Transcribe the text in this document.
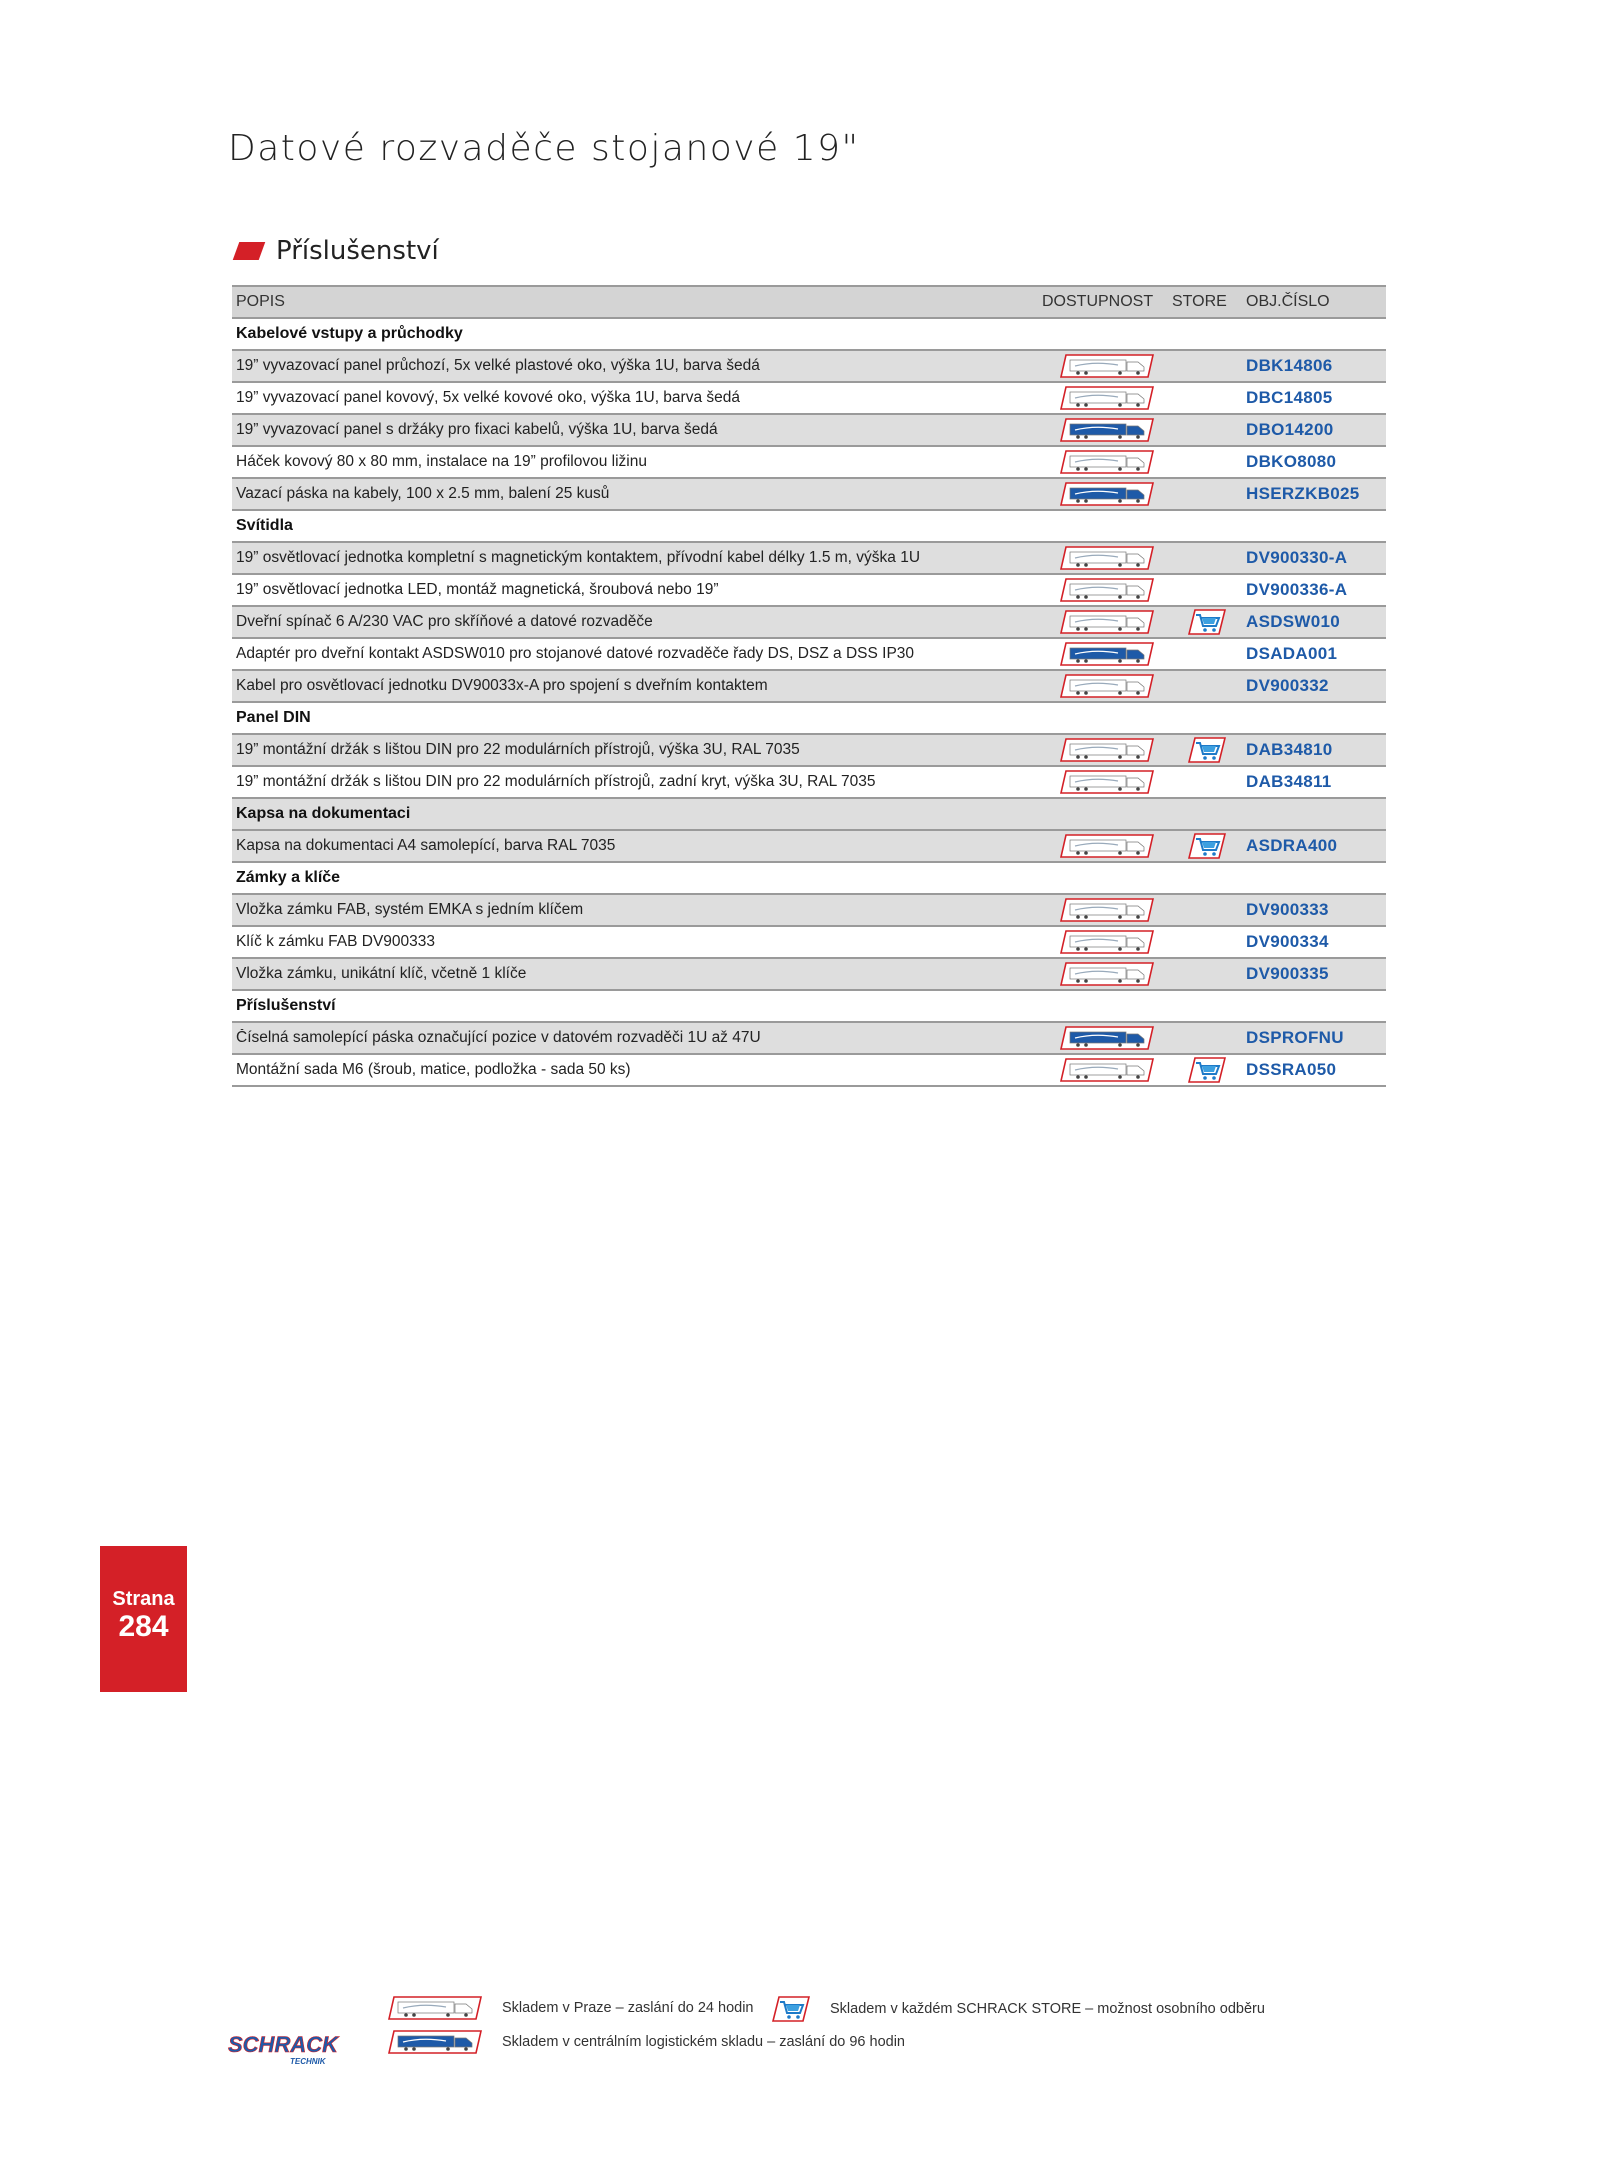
Datové rozvaděče stojanové 19"
Příslušenství
POPIS	DOSTUPNOST	STORE	OBJ.ČÍSLO
Kabelové vstupy a průchodky
19” vyvazovací panel průchozí, 5x velké plastové oko, výška 1U, barva šedá	DBK14806
19” vyvazovací panel kovový, 5x velké kovové oko, výška 1U, barva šedá	DBC14805
19” vyvazovací panel s držáky pro fixaci kabelů, výška 1U, barva šedá	DBO14200
Háček kovový 80 x 80 mm, instalace na 19” profilovou ližinu	DBKO8080
Vazací páska na kabely, 100 x 2.5 mm, balení 25 kusů	HSERZKB025
Svítidla
19” osvětlovací jednotka kompletní s magnetickým kontaktem, přívodní kabel délky 1.5 m, výška 1U	DV900330-A
19” osvětlovací jednotka LED, montáž magnetická, šroubová nebo 19”	DV900336-A
Dveřní spínač 6 A/230 VAC pro skříňové a datové rozvaděče	ASDSW010
Adaptér pro dveřní kontakt ASDSW010 pro stojanové datové rozvaděče řady DS, DSZ a DSS IP30	DSADA001
Kabel pro osvětlovací jednotku DV90033x-A pro spojení s dveřním kontaktem	DV900332
Panel DIN
19” montážní držák s lištou DIN pro 22 modulárních přístrojů, výška 3U, RAL 7035	DAB34810
19” montážní držák s lištou DIN pro 22 modulárních přístrojů, zadní kryt, výška 3U, RAL 7035	DAB34811
Kapsa na dokumentaci
Kapsa na dokumentaci A4 samolepící, barva RAL 7035	ASDRA400
Zámky a klíče
Vložka zámku FAB, systém EMKA s jedním klíčem	DV900333
Klíč k zámku FAB DV900333	DV900334
Vložka zámku, unikátní klíč, včetně 1 klíče	DV900335
Příslušenství
Číselná samolepící páska označující pozice v datovém rozvaděči 1U až 47U	DSPROFNU
Montážní sada M6 (šroub, matice, podložka - sada 50 ks)	DSSRA050
Strana
284
Skladem v Praze – zaslání do 24 hodin	Skladem v každém SCHRACK STORE – možnost osobního odběru
Skladem v centrálním logistickém skladu – zaslání do 96 hodin
SCHRACK
TECHNIK
